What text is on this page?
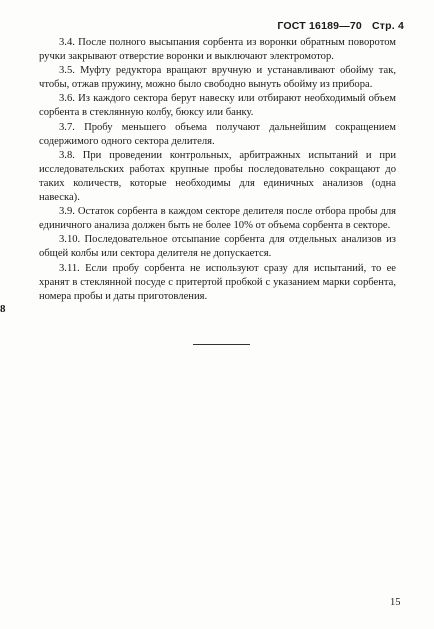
ГОСТ 16189—70 Стр. 4

3.4. После полного высыпания сорбента из воронки обратным поворотом ручки закрывают отверстие воронки и выключают электромотор.

3.5. Муфту редуктора вращают вручную и устанавливают обойму так, чтобы, отжав пружину, можно было свободно вынуть обойму из прибора.

3.6. Из каждого сектора берут навеску или отбирают необходимый объем сорбента в стеклянную колбу, бюксу или банку.

3.7. Пробу меньшего объема получают дальнейшим сокращением содержимого одного сектора делителя.

3.8. При проведении контрольных, арбитражных испытаний и при исследовательских работах крупные пробы последовательно сокращают до таких количеств, которые необходимы для единичных анализов (одна навеска).

3.9. Остаток сорбента в каждом секторе делителя после отбора пробы для единичного анализа должен быть не более 10% от объема сорбента в секторе.

3.10. Последовательное отсыпание сорбента для отдельных анализов из общей колбы или сектора делителя не допускается.

3.11. Если пробу сорбента не используют сразу для испытаний, то ее хранят в стеклянной посуде с притертой пробкой с указанием марки сорбента, номера пробы и даты приготовления.

8
15
